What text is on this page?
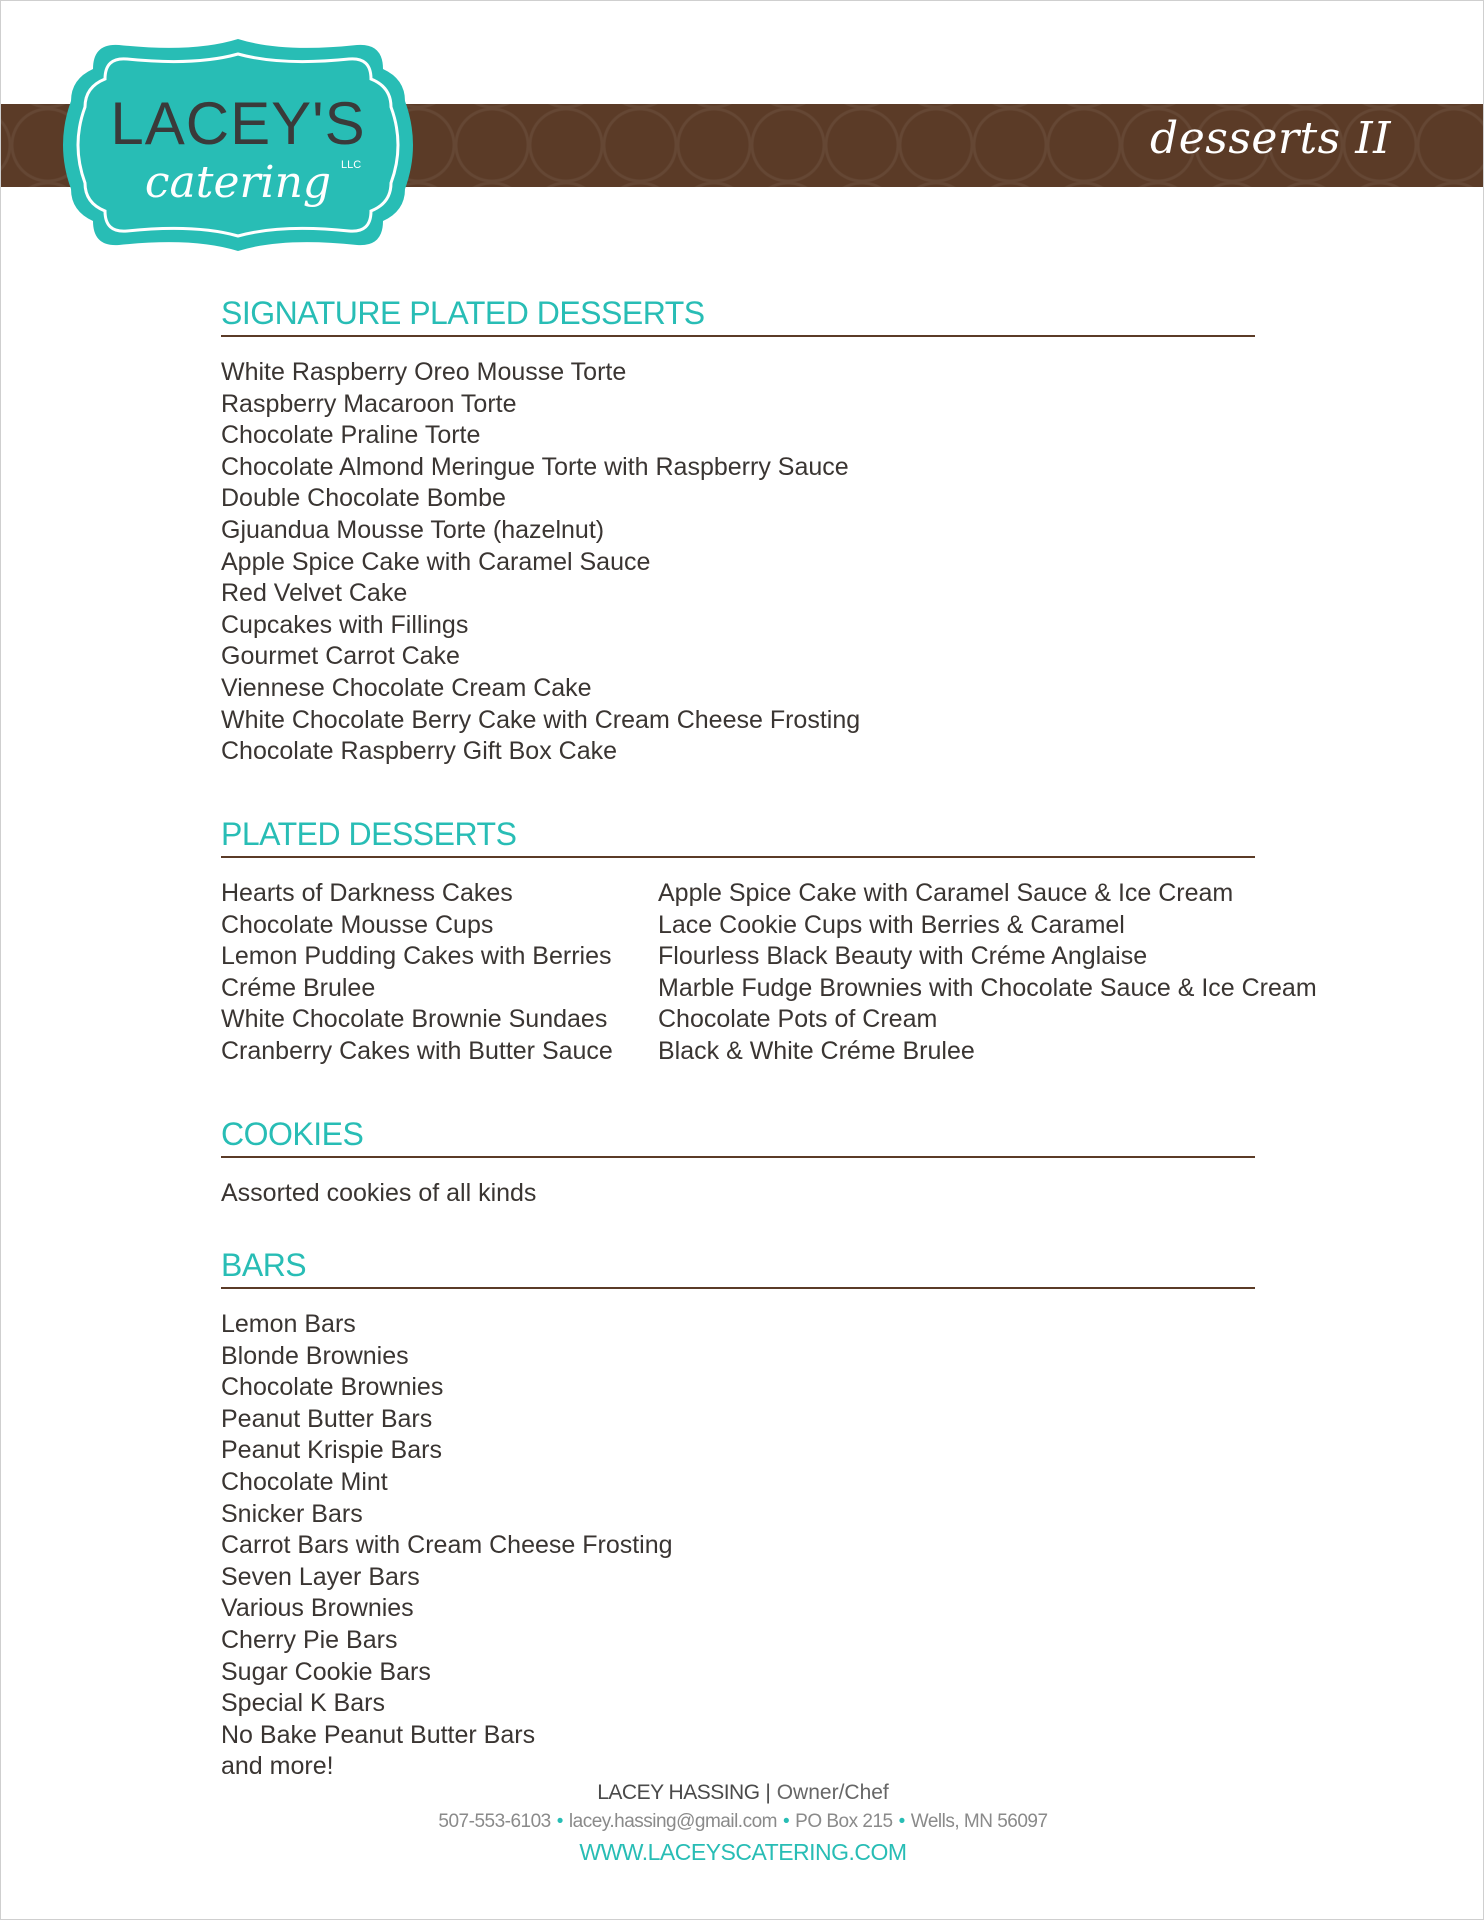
desserts II
LACEY'S
catering LLC
SIGNATURE PLATED DESSERTS
White Raspberry Oreo Mousse Torte
Raspberry Macaroon Torte
Chocolate Praline Torte
Chocolate Almond Meringue Torte with Raspberry Sauce
Double Chocolate Bombe
Gjuandua Mousse Torte (hazelnut)
Apple Spice Cake with Caramel Sauce
Red Velvet Cake
Cupcakes with Fillings
Gourmet Carrot Cake
Viennese Chocolate Cream Cake
White Chocolate Berry Cake with Cream Cheese Frosting
Chocolate Raspberry Gift Box Cake
PLATED DESSERTS
Hearts of Darkness Cakes
Chocolate Mousse Cups
Lemon Pudding Cakes with Berries
Créme Brulee
White Chocolate Brownie Sundaes
Cranberry Cakes with Butter Sauce
Apple Spice Cake with Caramel Sauce & Ice Cream
Lace Cookie Cups with Berries & Caramel
Flourless Black Beauty with Créme Anglaise
Marble Fudge Brownies with Chocolate Sauce & Ice Cream
Chocolate Pots of Cream
Black & White Créme Brulee
COOKIES
Assorted cookies of all kinds
BARS
Lemon Bars
Blonde Brownies
Chocolate Brownies
Peanut Butter Bars
Peanut Krispie Bars
Chocolate Mint
Snicker Bars
Carrot Bars with Cream Cheese Frosting
Seven Layer Bars
Various Brownies
Cherry Pie Bars
Sugar Cookie Bars
Special K Bars
No Bake Peanut Butter Bars
and more!
LACEY HASSING | Owner/Chef
507-553-6103 • lacey.hassing@gmail.com • PO Box 215 • Wells, MN 56097
WWW.LACEYSCATERING.COM
